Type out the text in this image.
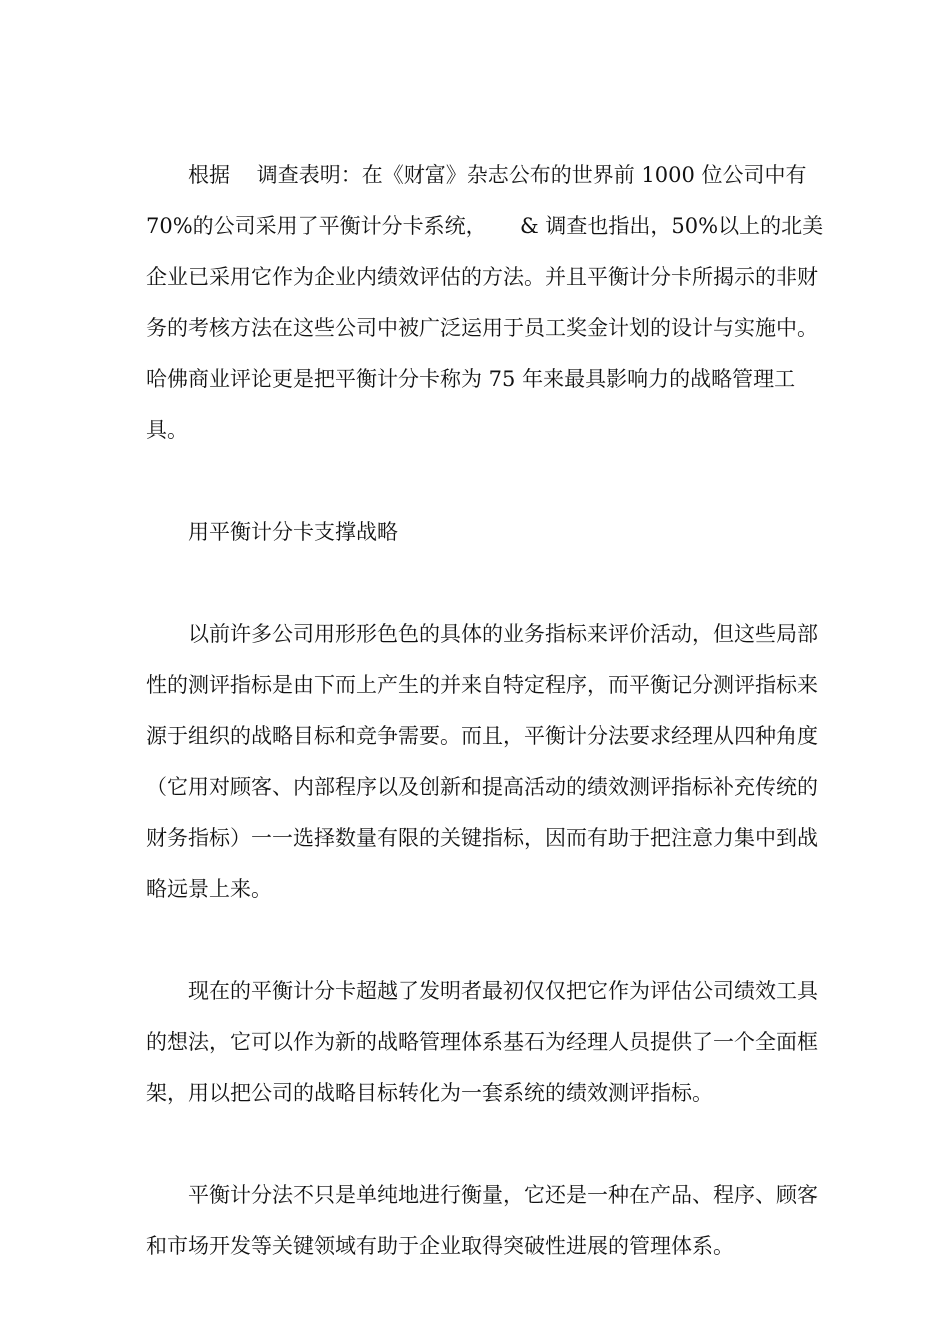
根据    调查表明：在《财富》杂志公布的世界前 1000 位公司中有 70%的公司采用了平衡计分卡系统，     & 调查也指出，50%以上的北美企业已采用它作为企业内绩效评估的方法。并且平衡计分卡所揭示的非财务的考核方法在这些公司中被广泛运用于员工奖金计划的设计与实施中。哈佛商业评论更是把平衡计分卡称为 75 年来最具影响力的战略管理工具。

用平衡计分卡支撑战略

以前许多公司用形形色色的具体的业务指标来评价活动，但这些局部性的测评指标是由下而上产生的并来自特定程序，而平衡记分测评指标来源于组织的战略目标和竞争需要。而且，平衡计分法要求经理从四种角度（它用对顾客、内部程序以及创新和提高活动的绩效测评指标补充传统的财务指标）一一选择数量有限的关键指标，因而有助于把注意力集中到战略远景上来。

现在的平衡计分卡超越了发明者最初仅仅把它作为评估公司绩效工具的想法，它可以作为新的战略管理体系基石为经理人员提供了一个全面框架，用以把公司的战略目标转化为一套系统的绩效测评指标。

平衡计分法不只是单纯地进行衡量，它还是一种在产品、程序、顾客和市场开发等关键领域有助于企业取得突破性进展的管理体系。
